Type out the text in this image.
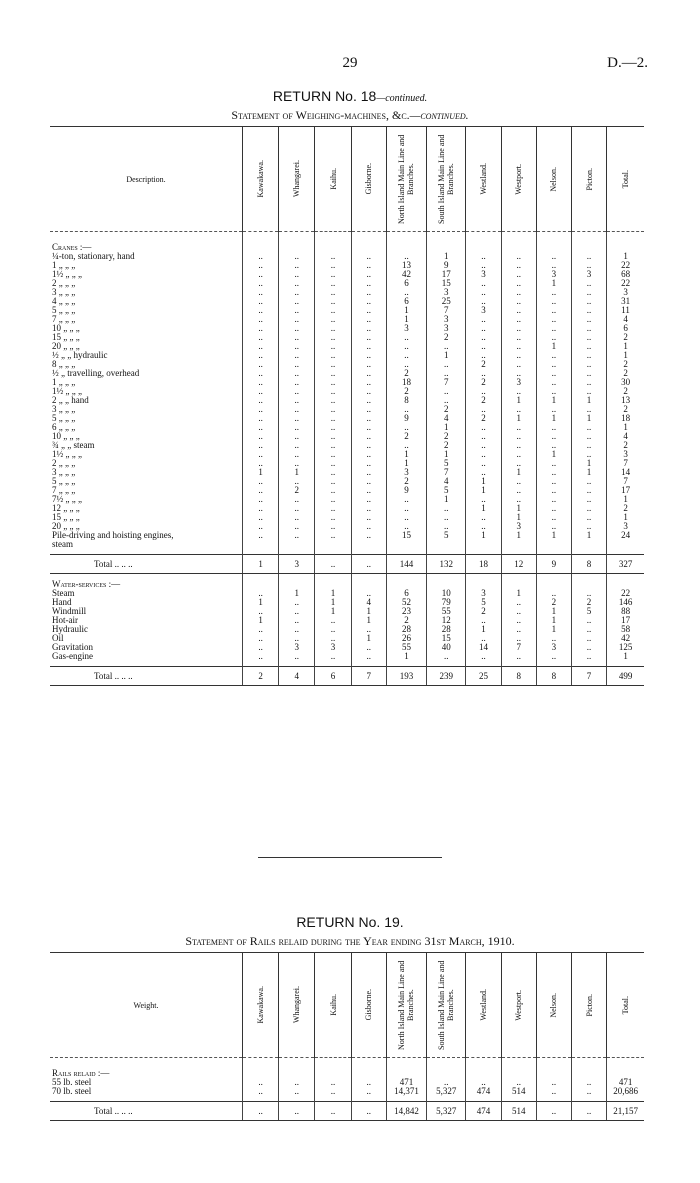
29	D.—2.
RETURN No. 18—continued.
Statement of Weighing-machines, &c.—continued.
Description.	Kawakawa.	Whangarei.	Kaihu.	Gisborne.	North Island Main Line and Branches.	South Island Main Line and Branches.	Westland.	Westport.	Nelson.	Picton.	Total.

Cranes :—											
¼-ton, stationary, hand	..	..	..	..	..	1	..	..	..	..	1
1 „ „ „	..	..	..	..	13	9	..	..	..	..	22
1½ „ „ „	..	..	..	..	42	17	3	..	3	3	68
2 „ „ „	..	..	..	..	6	15	..	..	1	..	22
3 „ „ „	..	..	..	..	..	3	..	..	..	..	3
4 „ „ „	..	..	..	..	6	25	..	..	..	..	31
5 „ „ „	..	..	..	..	1	7	3	..	..	..	11
7 „ „ „	..	..	..	..	1	3	..	..	..	..	4
10 „ „ „	..	..	..	..	3	3	..	..	..	..	6
15 „ „ „	..	..	..	..	..	2	..	..	..	..	2
20 „ „ „	..	..	..	..	..	..	..	..	1	..	1
½ „ „ hydraulic	..	..	..	..	..	1	..	..	..	..	1
8 „ „ „	..	..	..	..	..	..	2	..	..	..	2
½ „ travelling, overhead	..	..	..	..	2	..	..	..	..	..	2
1 „ „ „	..	..	..	..	18	7	2	3	..	..	30
1½ „ „ „	..	..	..	..	2	..	..	..	..	..	2
2 „ „ hand	..	..	..	..	8	..	2	1	1	1	13
3 „ „ „	..	..	..	..	..	2	..	..	..	..	2
5 „ „ „	..	..	..	..	9	4	2	1	1	1	18
6 „ „ „	..	..	..	..	..	1	..	..	..	..	1
10 „ „ „	..	..	..	..	2	2	..	..	..	..	4
¾ „ „ steam	..	..	..	..	..	2	..	..	..	..	2
1½ „ „ „	..	..	..	..	1	1	..	..	1	..	3
2 „ „ „	..	..	..	..	1	5	..	..	..	1	7
3 „ „ „	1	1	..	..	3	7	..	1	..	1	14
5 „ „ „	..	..	..	..	2	4	1	..	..	..	7
7 „ „ „	..	2	..	..	9	5	1	..	..	..	17
7½ „ „ „	..	..	..	..	..	1	..	..	..	..	1
12 „ „ „	..	..	..	..	..	..	1	1	..	..	2
15 „ „ „	..	..	..	..	..	..	..	1	..	..	1
20 „ „ „	..	..	..	..	..	..	..	3	..	..	3
Pile-driving and hoisting engines,	..	..	..	..	15	5	1	1	1	1	24
steam											

Total .. .. ..	1	3	..	..	144	132	18	12	9	8	327
Water-services :—											
Steam	..	1	1	..	6	10	3	1	..	..	22
Hand	1	..	1	4	52	79	5	..	2	2	146
Windmill	..	..	1	1	23	55	2	..	1	5	88
Hot-air	1	..	..	1	2	12	..	..	1	..	17
Hydraulic	..	..	..	..	28	28	1	..	1	..	58
Oil	..	..	..	1	26	15	..	..	..	..	42
Gravitation	..	3	3	..	55	40	14	7	3	..	125
Gas-engine	..	..	..	..	1	..	..	..	..	..	1

Total .. .. ..	2	4	6	7	193	239	25	8	8	7	499
RETURN No. 19.
Statement of Rails relaid during the Year ending 31st March, 1910.
Weight.	Kawakawa.	Whangarei.	Kaihu.	Gisborne.	North Island Main Line and Branches.	South Island Main Line and Branches.	Westland.	Westport.	Nelson.	Picton.	Total.

Rails relaid :—											
55 lb. steel	..	..	..	..	471	..	..	..	..	..	471
70 lb. steel	..	..	..	..	14,371	5,327	474	514	..	..	20,686

Total .. .. ..	..	..	..	..	14,842	5,327	474	514	..	..	21,157
